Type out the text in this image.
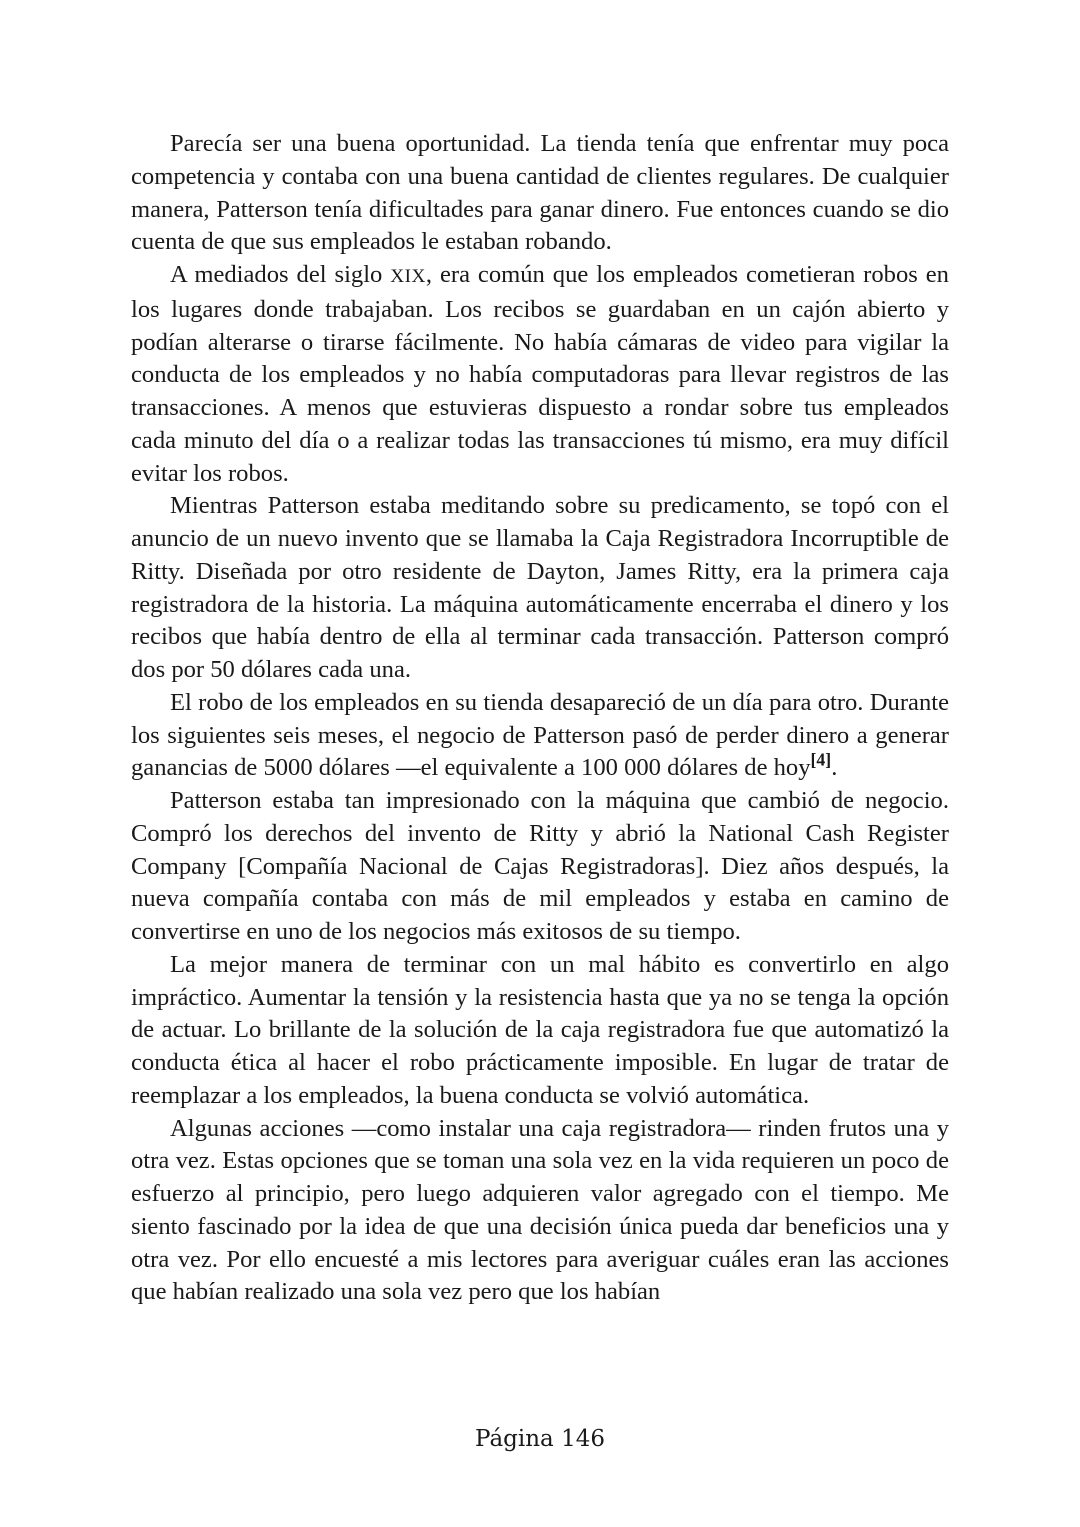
Parecía ser una buena oportunidad. La tienda tenía que enfrentar muy poca competencia y contaba con una buena cantidad de clientes regulares. De cualquier manera, Patterson tenía dificultades para ganar dinero. Fue entonces cuando se dio cuenta de que sus empleados le estaban robando.

A mediados del siglo XIX, era común que los empleados cometieran robos en los lugares donde trabajaban. Los recibos se guardaban en un cajón abierto y podían alterarse o tirarse fácilmente. No había cámaras de video para vigilar la conducta de los empleados y no había computadoras para llevar registros de las transacciones. A menos que estuvieras dispuesto a rondar sobre tus empleados cada minuto del día o a realizar todas las transacciones tú mismo, era muy difícil evitar los robos.

Mientras Patterson estaba meditando sobre su predicamento, se topó con el anuncio de un nuevo invento que se llamaba la Caja Registradora Incorruptible de Ritty. Diseñada por otro residente de Dayton, James Ritty, era la primera caja registradora de la historia. La máquina automáticamente encerraba el dinero y los recibos que había dentro de ella al terminar cada transacción. Patterson compró dos por 50 dólares cada una.

El robo de los empleados en su tienda desapareció de un día para otro. Durante los siguientes seis meses, el negocio de Patterson pasó de perder dinero a generar ganancias de 5000 dólares —el equivalente a 100 000 dólares de hoy[4].

Patterson estaba tan impresionado con la máquina que cambió de negocio. Compró los derechos del invento de Ritty y abrió la National Cash Register Company [Compañía Nacional de Cajas Registradoras]. Diez años después, la nueva compañía contaba con más de mil empleados y estaba en camino de convertirse en uno de los negocios más exitosos de su tiempo.

La mejor manera de terminar con un mal hábito es convertirlo en algo impráctico. Aumentar la tensión y la resistencia hasta que ya no se tenga la opción de actuar. Lo brillante de la solución de la caja registradora fue que automatizó la conducta ética al hacer el robo prácticamente imposible. En lugar de tratar de reemplazar a los empleados, la buena conducta se volvió automática.

Algunas acciones —como instalar una caja registradora— rinden frutos una y otra vez. Estas opciones que se toman una sola vez en la vida requieren un poco de esfuerzo al principio, pero luego adquieren valor agregado con el tiempo. Me siento fascinado por la idea de que una decisión única pueda dar beneficios una y otra vez. Por ello encuesté a mis lectores para averiguar cuáles eran las acciones que habían realizado una sola vez pero que los habían

Página 146
